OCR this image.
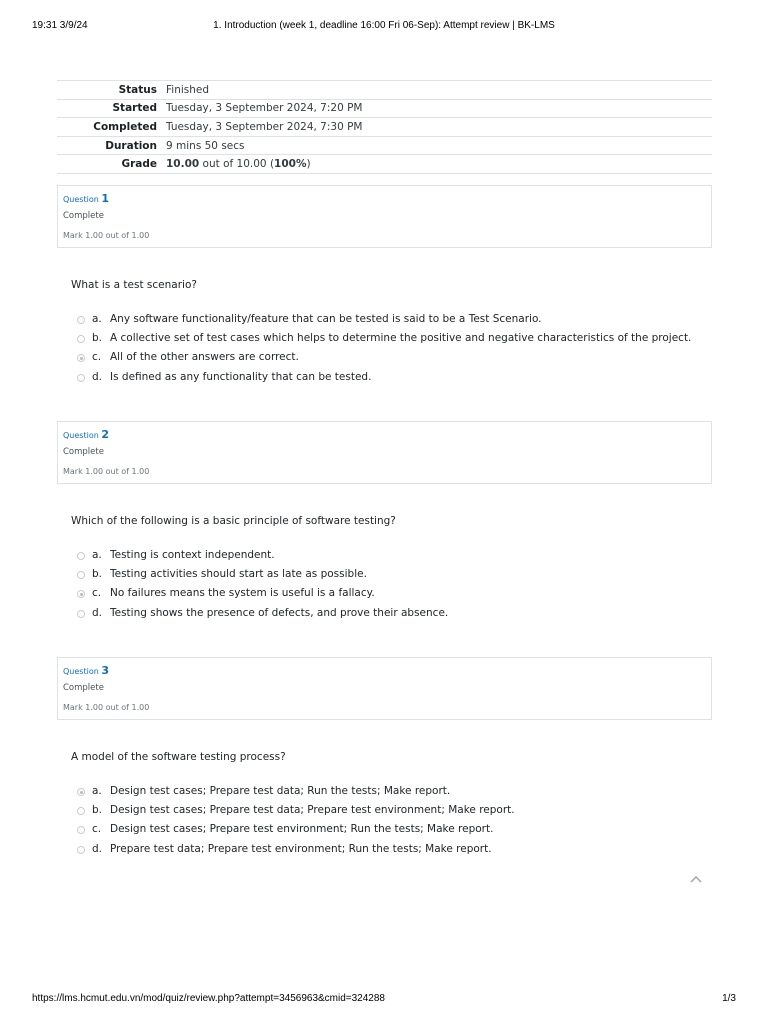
19:31 3/9/24	1. Introduction (week 1, deadline 16:00 Fri 06-Sep): Attempt review | BK-LMS
Status	Finished
Started	Tuesday, 3 September 2024, 7:20 PM
Completed	Tuesday, 3 September 2024, 7:30 PM
Duration	9 mins 50 secs
Grade	10.00 out of 10.00 (100%)
Question 1
Complete
Mark 1.00 out of 1.00
What is a test scenario?
a. Any software functionality/feature that can be tested is said to be a Test Scenario.
b. A collective set of test cases which helps to determine the positive and negative characteristics of the project.
c. All of the other answers are correct.
d. Is defined as any functionality that can be tested.
Question 2
Complete
Mark 1.00 out of 1.00
Which of the following is a basic principle of software testing?
a. Testing is context independent.
b. Testing activities should start as late as possible.
c. No failures means the system is useful is a fallacy.
d. Testing shows the presence of defects, and prove their absence.
Question 3
Complete
Mark 1.00 out of 1.00
A model of the software testing process?
a. Design test cases; Prepare test data; Run the tests; Make report.
b. Design test cases; Prepare test data; Prepare test environment; Make report.
c. Design test cases; Prepare test environment; Run the tests; Make report.
d. Prepare test data; Prepare test environment; Run the tests; Make report.
https://lms.hcmut.edu.vn/mod/quiz/review.php?attempt=3456963&cmid=324288	1/3
